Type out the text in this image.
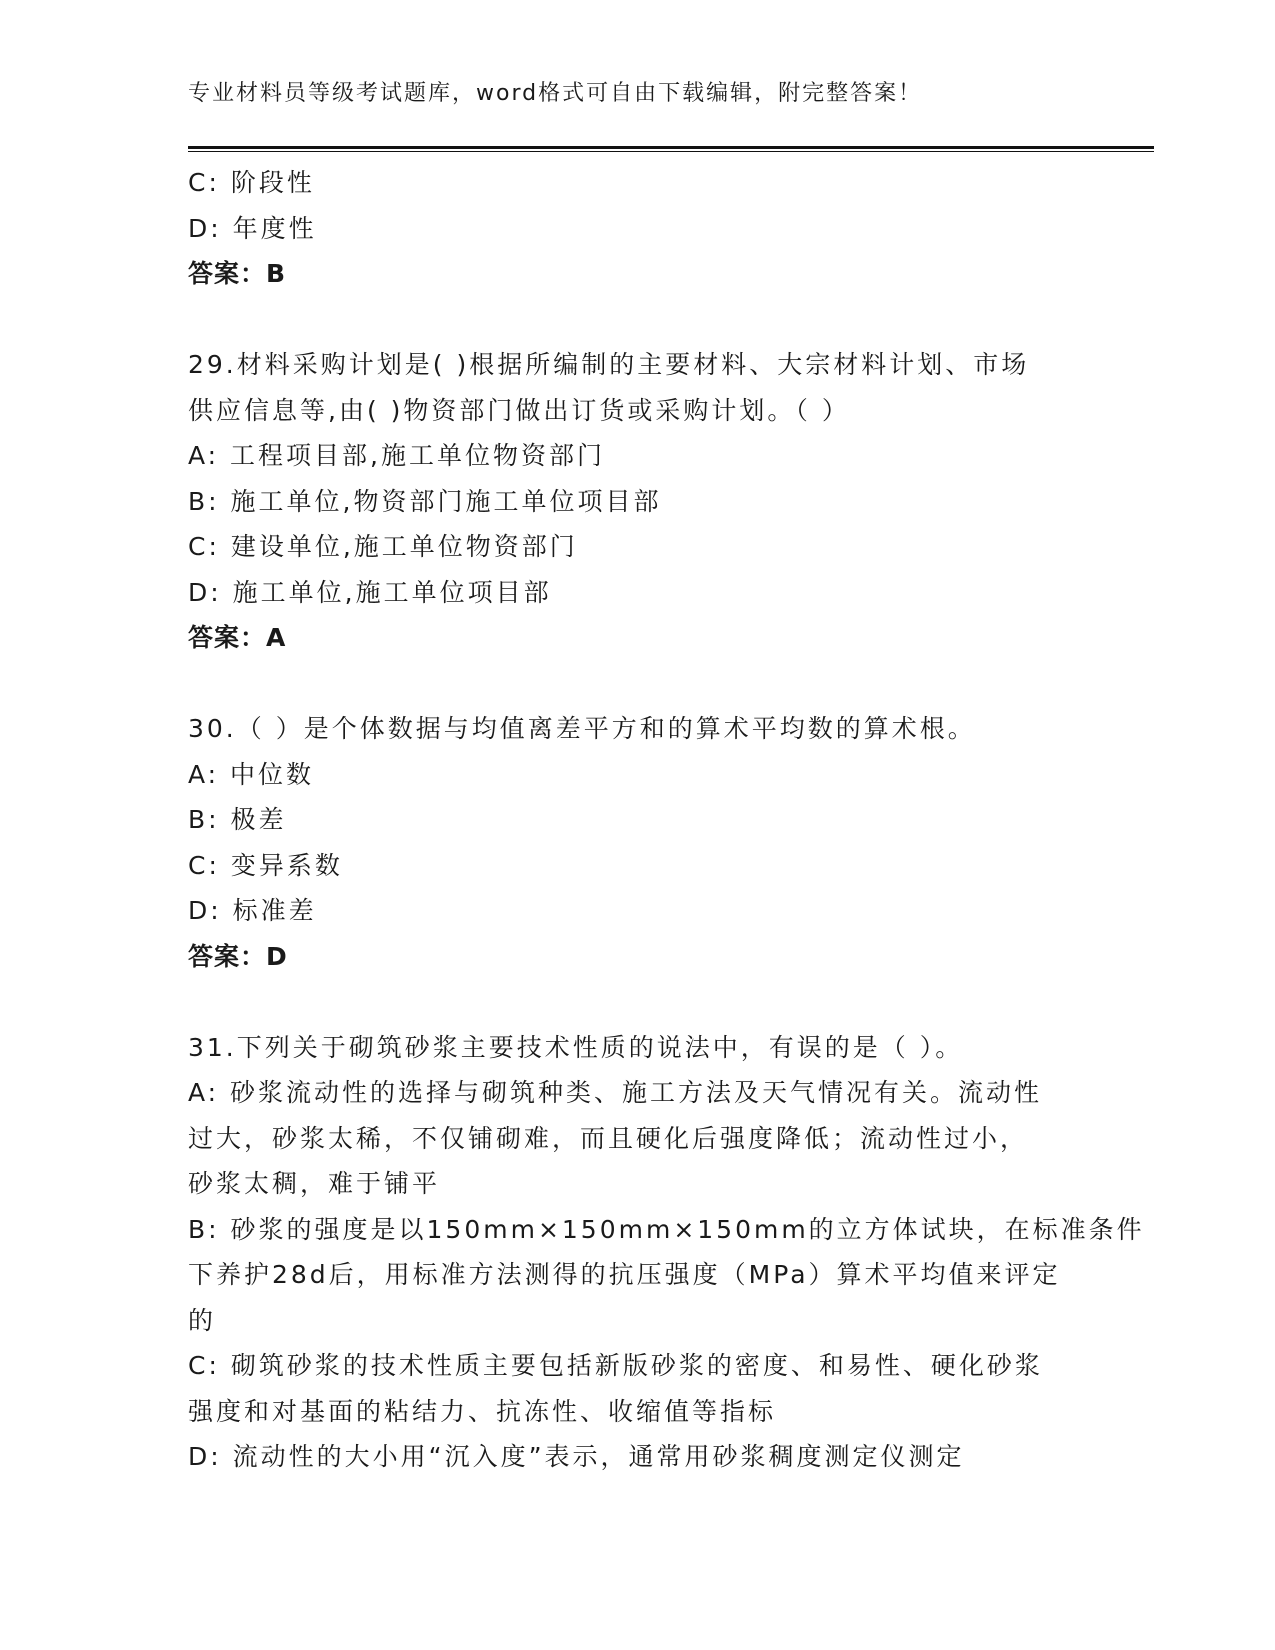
专业材料员等级考试题库，word格式可自由下载编辑，附完整答案！
C: 阶段性
D: 年度性
答案：B
29.材料采购计划是( )根据所编制的主要材料、大宗材料计划、市场
供应信息等,由( )物资部门做出订货或采购计划。（ ）
A: 工程项目部,施工单位物资部门
B: 施工单位,物资部门施工单位项目部
C: 建设单位,施工单位物资部门
D: 施工单位,施工单位项目部
答案：A
30.（ ）是个体数据与均值离差平方和的算术平均数的算术根。
A: 中位数
B: 极差
C: 变异系数
D: 标准差
答案：D
31.下列关于砌筑砂浆主要技术性质的说法中，有误的是（ ）。
A: 砂浆流动性的选择与砌筑种类、施工方法及天气情况有关。流动性
过大，砂浆太稀，不仅铺砌难，而且硬化后强度降低；流动性过小，
砂浆太稠，难于铺平
B: 砂浆的强度是以150mm×150mm×150mm的立方体试块，在标准条件
下养护28d后，用标准方法测得的抗压强度（MPa）算术平均值来评定
的
C: 砌筑砂浆的技术性质主要包括新版砂浆的密度、和易性、硬化砂浆
强度和对基面的粘结力、抗冻性、收缩值等指标
D: 流动性的大小用“沉入度”表示，通常用砂浆稠度测定仪测定
